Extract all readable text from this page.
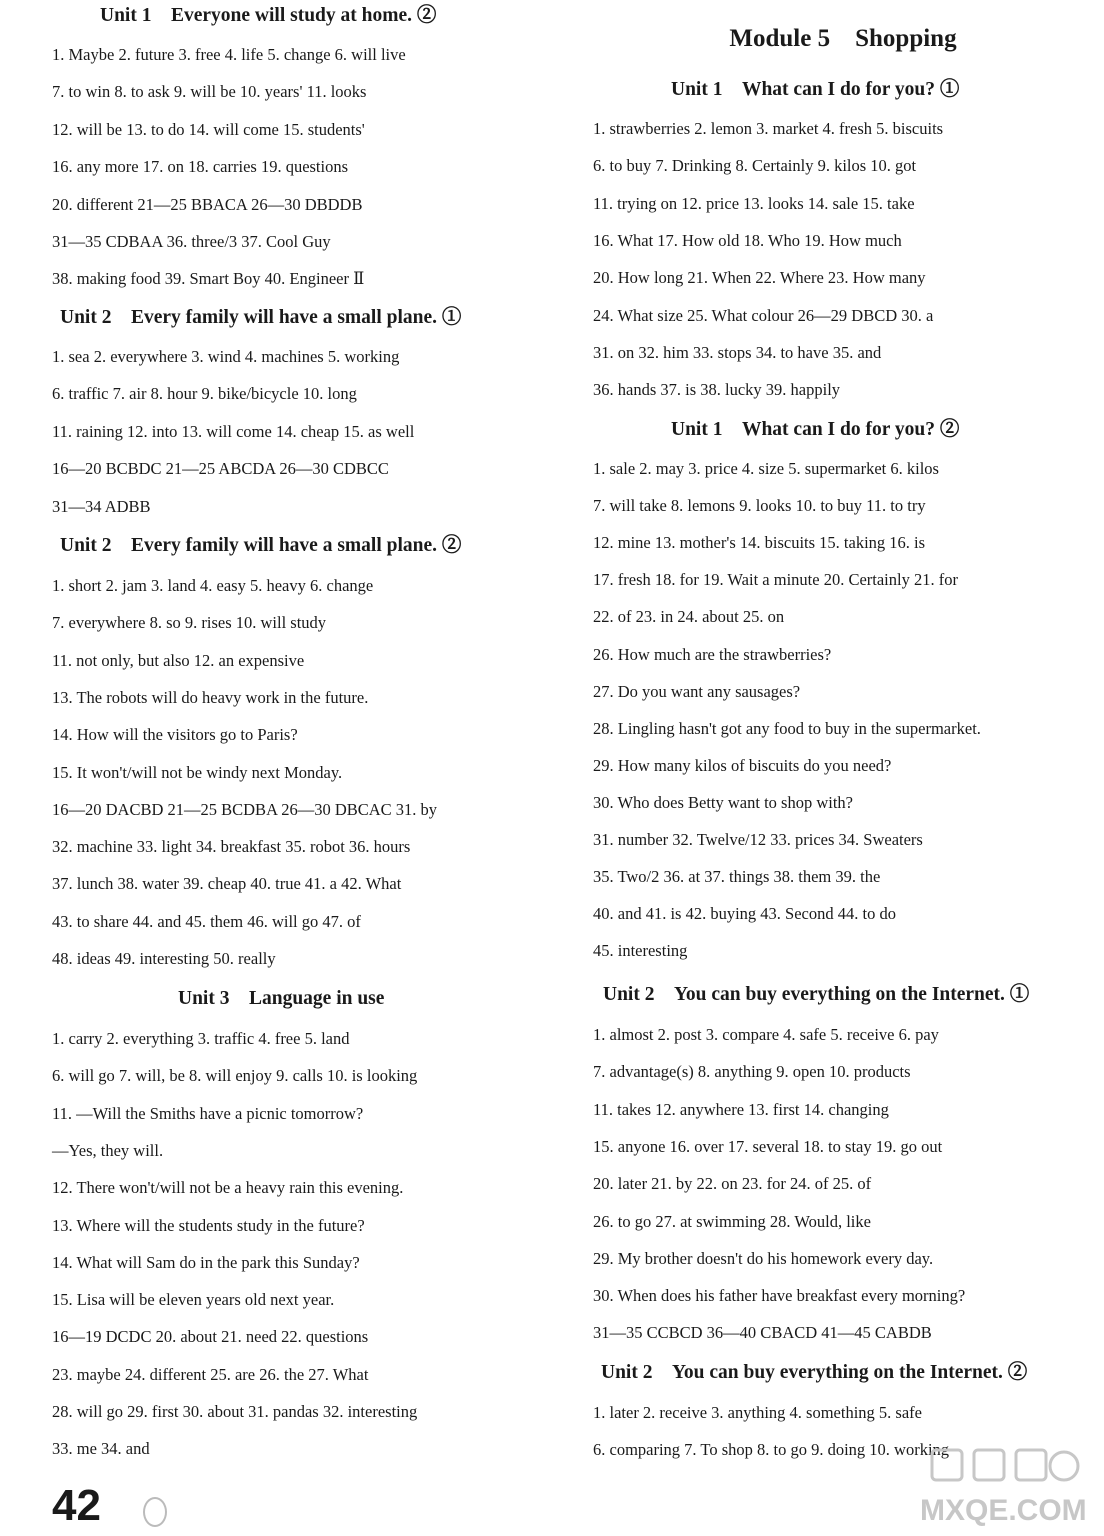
Unit 1　Everyone will study at home. ②
1. Maybe 2. future 3. free 4. life 5. change 6. will live
7. to win 8. to ask 9. will be 10. years' 11. looks
12. will be 13. to do 14. will come 15. students'
16. any more 17. on 18. carries 19. questions
20. different 21—25 BBACA 26—30 DBDDB
31—35 CDBAA 36. three/3 37. Cool Guy
38. making food 39. Smart Boy 40. Engineer Ⅱ
Unit 2　Every family will have a small plane. ①
1. sea 2. everywhere 3. wind 4. machines 5. working
6. traffic 7. air 8. hour 9. bike/bicycle 10. long
11. raining 12. into 13. will come 14. cheap 15. as well
16—20 BCBDC 21—25 ABCDA 26—30 CDBCC
31—34 ADBB
Unit 2　Every family will have a small plane. ②
1. short 2. jam 3. land 4. easy 5. heavy 6. change
7. everywhere 8. so 9. rises 10. will study
11. not only, but also 12. an expensive
13. The robots will do heavy work in the future.
14. How will the visitors go to Paris?
15. It won't/will not be windy next Monday.
16—20 DACBD 21—25 BCDBA 26—30 DBCAC 31. by
32. machine 33. light 34. breakfast 35. robot 36. hours
37. lunch 38. water 39. cheap 40. true 41. a 42. What
43. to share 44. and 45. them 46. will go 47. of
48. ideas 49. interesting 50. really
Unit 3　Language in use
1. carry 2. everything 3. traffic 4. free 5. land
6. will go 7. will, be 8. will enjoy 9. calls 10. is looking
11. —Will the Smiths have a picnic tomorrow?
—Yes, they will.
12. There won't/will not be a heavy rain this evening.
13. Where will the students study in the future?
14. What will Sam do in the park this Sunday?
15. Lisa will be eleven years old next year.
16—19 DCDC 20. about 21. need 22. questions
23. maybe 24. different 25. are 26. the 27. What
28. will go 29. first 30. about 31. pandas 32. interesting
33. me 34. and
Module 5　Shopping
Unit 1　What can I do for you? ①
1. strawberries 2. lemon 3. market 4. fresh 5. biscuits
6. to buy 7. Drinking 8. Certainly 9. kilos 10. got
11. trying on 12. price 13. looks 14. sale 15. take
16. What 17. How old 18. Who 19. How much
20. How long 21. When 22. Where 23. How many
24. What size 25. What colour 26—29 DBCD 30. a
31. on 32. him 33. stops 34. to have 35. and
36. hands 37. is 38. lucky 39. happily
Unit 1　What can I do for you? ②
1. sale 2. may 3. price 4. size 5. supermarket 6. kilos
7. will take 8. lemons 9. looks 10. to buy 11. to try
12. mine 13. mother's 14. biscuits 15. taking 16. is
17. fresh 18. for 19. Wait a minute 20. Certainly 21. for
22. of 23. in 24. about 25. on
26. How much are the strawberries?
27. Do you want any sausages?
28. Lingling hasn't got any food to buy in the supermarket.
29. How many kilos of biscuits do you need?
30. Who does Betty want to shop with?
31. number 32. Twelve/12 33. prices 34. Sweaters
35. Two/2 36. at 37. things 38. them 39. the
40. and 41. is 42. buying 43. Second 44. to do
45. interesting
Unit 2　You can buy everything on the Internet. ①
1. almost 2. post 3. compare 4. safe 5. receive 6. pay
7. advantage(s) 8. anything 9. open 10. products
11. takes 12. anywhere 13. first 14. changing
15. anyone 16. over 17. several 18. to stay 19. go out
20. later 21. by 22. on 23. for 24. of 25. of
26. to go 27. at swimming 28. Would, like
29. My brother doesn't do his homework every day.
30. When does his father have breakfast every morning?
31—35 CCBCD 36—40 CBACD 41—45 CABDB
Unit 2　You can buy everything on the Internet. ②
1. later 2. receive 3. anything 4. something 5. safe
6. comparing 7. To shop 8. to go 9. doing 10. working
42	MXQE.COM
